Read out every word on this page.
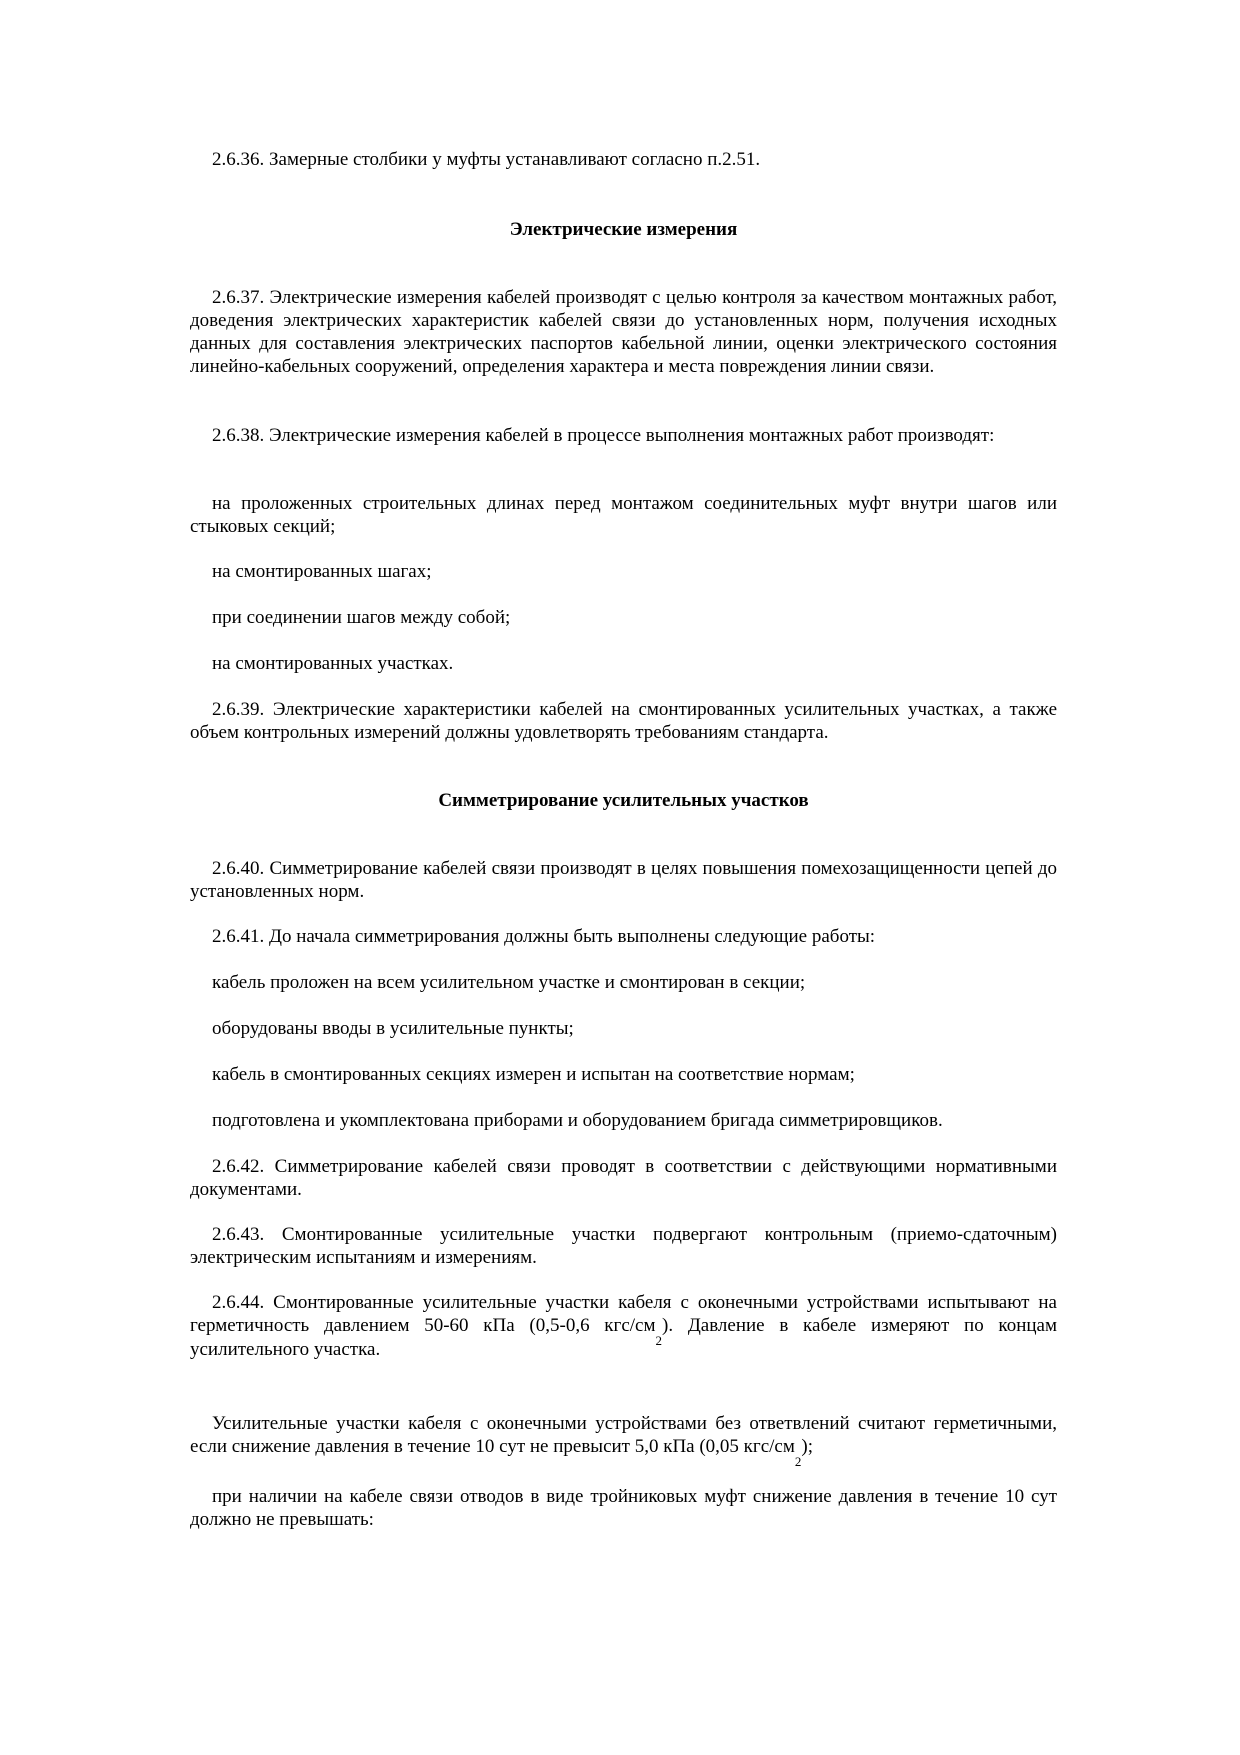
2.6.36. Замерные столбики у муфты устанавливают согласно п.2.51.

Электрические измерения

2.6.37. Электрические измерения кабелей производят с целью контроля за качеством монтажных работ, доведения электрических характеристик кабелей связи до установленных норм, получения исходных данных для составления электрических паспортов кабельной линии, оценки электрического состояния линейно-кабельных сооружений, определения характера и места повреждения линии связи.

2.6.38. Электрические измерения кабелей в процессе выполнения монтажных работ производят:

на проложенных строительных длинах перед монтажом соединительных муфт внутри шагов или стыковых секций;

на смонтированных шагах;

при соединении шагов между собой;

на смонтированных участках.

2.6.39. Электрические характеристики кабелей на смонтированных усилительных участках, а также объем контрольных измерений должны удовлетворять требованиям стандарта.

Симметрирование усилительных участков

2.6.40. Симметрирование кабелей связи производят в целях повышения помехозащищенности цепей до установленных норм.

2.6.41. До начала симметрирования должны быть выполнены следующие работы:

кабель проложен на всем усилительном участке и смонтирован в секции;

оборудованы вводы в усилительные пункты;

кабель в смонтированных секциях измерен и испытан на соответствие нормам;

подготовлена и укомплектована приборами и оборудованием бригада симметрировщиков.

2.6.42. Симметрирование кабелей связи проводят в соответствии с действующими нормативными документами.

2.6.43. Смонтированные усилительные участки подвергают контрольным (приемо-сдаточным) электрическим испытаниям и измерениям.

2.6.44. Смонтированные усилительные участки кабеля с оконечными устройствами испытывают на герметичность давлением 50-60 кПа (0,5-0,6 кгс/$см_2$). Давление в кабеле измеряют по концам усилительного участка.

Усилительные участки кабеля с оконечными устройствами без ответвлений считают герметичными, если снижение давления в течение 10 сут не превысит 5,0 кПа (0,05 кгс/$см_2$);

при наличии на кабеле связи отводов в виде тройниковых муфт снижение давления в течение 10 сут должно не превышать:
